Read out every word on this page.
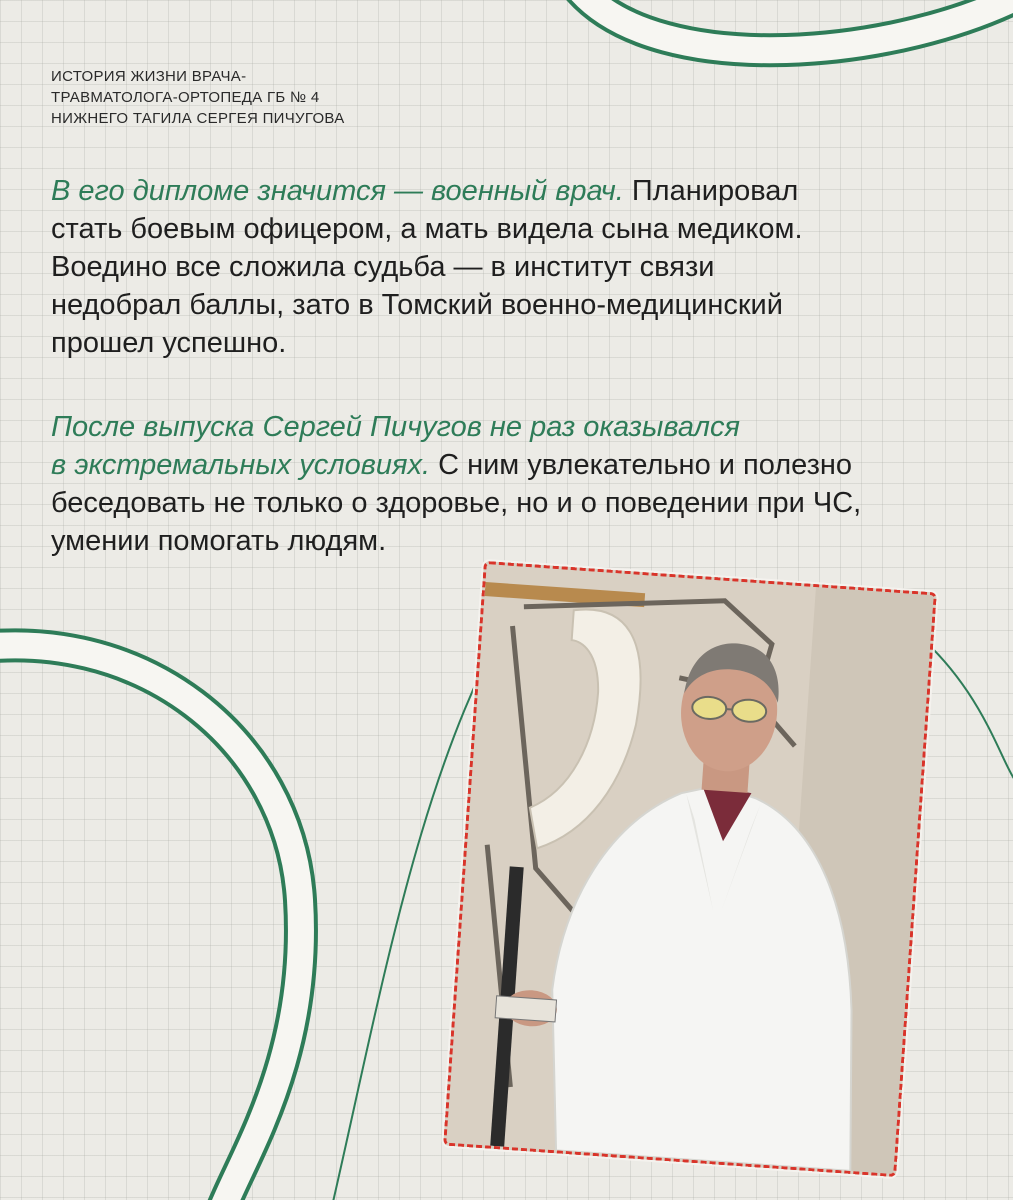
ИСТОРИЯ ЖИЗНИ ВРАЧА-
ТРАВМАТОЛОГА-ОРТОПЕДА ГБ № 4
НИЖНЕГО ТАГИЛА СЕРГЕЯ ПИЧУГОВА
В его дипломе значится — военный врач. Планировал
стать боевым офицером, а мать видела сына медиком.
Воедино все сложила судьба — в институт связи
недобрал баллы, зато в Томский военно-медицинский
прошел успешно.
После выпуска Сергей Пичугов не раз оказывался
в экстремальных условиях. С ним увлекательно и полезно
беседовать не только о здоровье, но и о поведении при ЧС,
умении помогать людям.
